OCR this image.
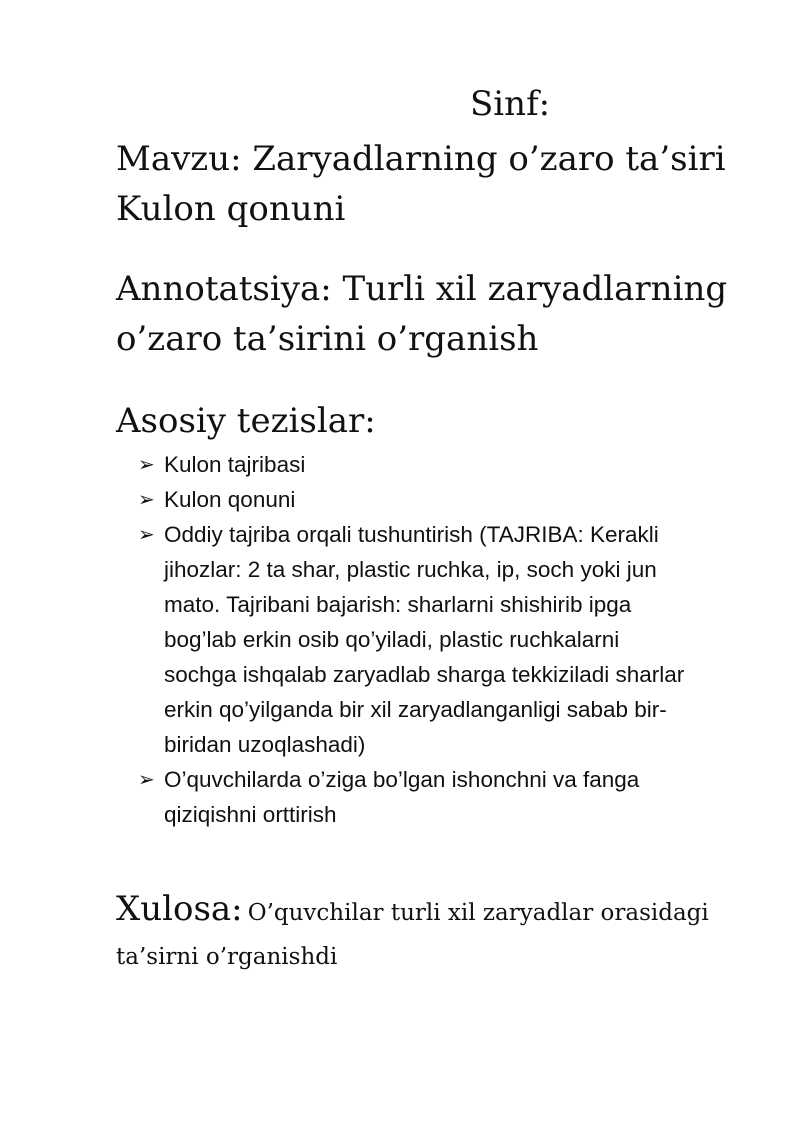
Sinf:
Mavzu: Zaryadlarning o’zaro ta’siri
Kulon qonuni
Annotatsiya: Turli xil zaryadlarning
o’zaro ta’sirini o’rganish
Asosiy tezislar:
➢ Kulon tajribasi
➢ Kulon qonuni
➢ Oddiy tajriba orqali tushuntirish (TAJRIBA: Kerakli
jihozlar: 2 ta shar, plastic ruchka, ip, soch yoki jun
mato. Tajribani bajarish: sharlarni shishirib ipga
bog’lab erkin osib qo’yiladi, plastic ruchkalarni
sochga ishqalab zaryadlab sharga tekkiziladi sharlar
erkin qo’yilganda bir xil zaryadlanganligi sabab bir-
biridan uzoqlashadi)
➢ O’quvchilarda o’ziga bo’lgan ishonchni va fanga
qiziqishni orttirish
Xulosa: O’quvchilar turli xil zaryadlar orasidagi
ta’sirni o’rganishdi
